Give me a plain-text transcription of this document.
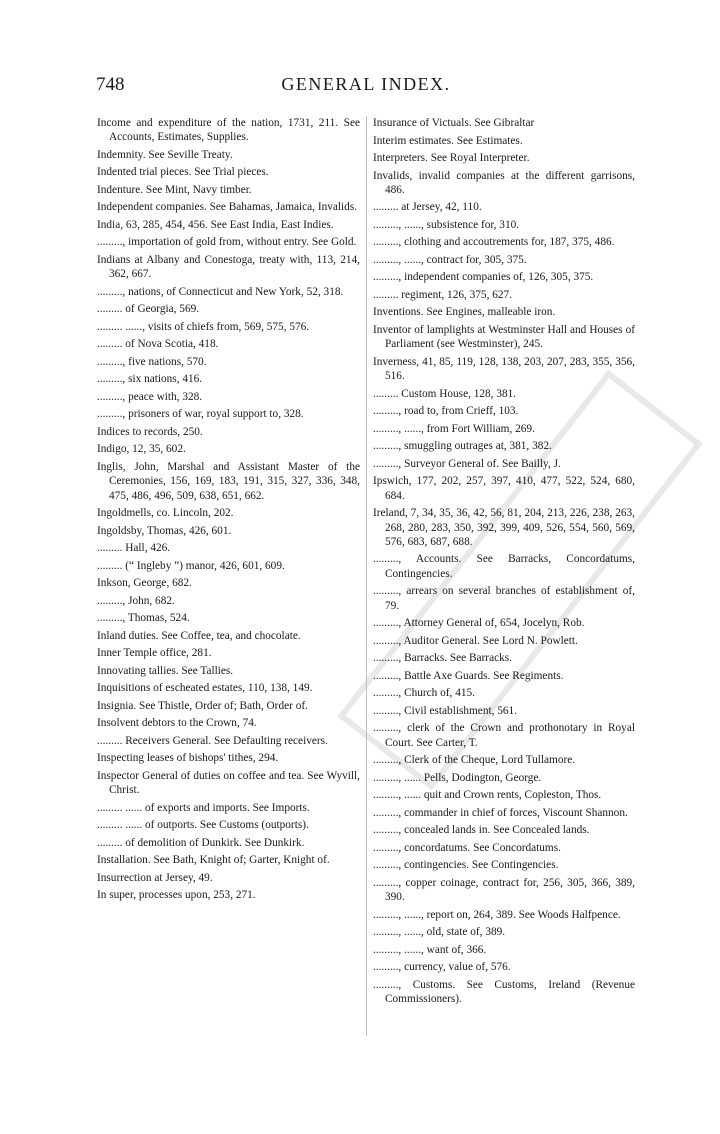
748	GENERAL INDEX.

Income and expenditure of the nation, 1731, 211. See Accounts, Estimates, Supplies.

Indemnity. See Seville Treaty.

Indented trial pieces. See Trial pieces.

Indenture. See Mint, Navy timber.

Independent companies. See Bahamas, Jamaica, Invalids.

India, 63, 285, 454, 456. See East India, East Indies.

........., importation of gold from, without entry. See Gold.

Indians at Albany and Conestoga, treaty with, 113, 214, 362, 667.

........., nations, of Connecticut and New York, 52, 318.

......... of Georgia, 569.

......... ......, visits of chiefs from, 569, 575, 576.

......... of Nova Scotia, 418.

........., five nations, 570.

........., six nations, 416.

........., peace with, 328.

........., prisoners of war, royal support to, 328.

Indices to records, 250.

Indigo, 12, 35, 602.

Inglis, John, Marshal and Assistant Master of the Ceremonies, 156, 169, 183, 191, 315, 327, 336, 348, 475, 486, 496, 509, 638, 651, 662.

Ingoldmells, co. Lincoln, 202.

Ingoldsby, Thomas, 426, 601.

......... Hall, 426.

......... (“ Ingleby ”) manor, 426, 601, 609.

Inkson, George, 682.

........., John, 682.

........., Thomas, 524.

Inland duties. See Coffee, tea, and chocolate.

Inner Temple office, 281.

Innovating tallies. See Tallies.

Inquisitions of escheated estates, 110, 138, 149.

Insignia. See Thistle, Order of; Bath, Order of.

Insolvent debtors to the Crown, 74.

......... Receivers General. See Defaulting receivers.

Inspecting leases of bishops' tithes, 294.

Inspector General of duties on coffee and tea. See Wyvill, Christ.

......... ...... of exports and imports. See Imports.

......... ...... of outports. See Customs (outports).

......... of demolition of Dunkirk. See Dunkirk.

Installation. See Bath, Knight of; Garter, Knight of.

Insurrection at Jersey, 49.

In super, processes upon, 253, 271.

Insurance of Victuals. See Gibraltar

Interim estimates. See Estimates.

Interpreters. See Royal Interpreter.

Invalids, invalid companies at the different garrisons, 486.

......... at Jersey, 42, 110.

........., ......, subsistence for, 310.

........., clothing and accoutrements for, 187, 375, 486.

........., ......, contract for, 305, 375.

........., independent companies of, 126, 305, 375.

......... regiment, 126, 375, 627.

Inventions. See Engines, malleable iron.

Inventor of lamplights at Westminster Hall and Houses of Parliament (see Westminster), 245.

Inverness, 41, 85, 119, 128, 138, 203, 207, 283, 355, 356, 516.

......... Custom House, 128, 381.

........., road to, from Crieff, 103.

........., ......, from Fort William, 269.

........., smuggling outrages at, 381, 382.

........., Surveyor General of. See Bailly, J.

Ipswich, 177, 202, 257, 397, 410, 477, 522, 524, 680, 684.

Ireland, 7, 34, 35, 36, 42, 56, 81, 204, 213, 226, 238, 263, 268, 280, 283, 350, 392, 399, 409, 526, 554, 560, 569, 576, 683, 687, 688.

........., Accounts. See Barracks, Concordatums, Contingencies.

........., arrears on several branches of establishment of, 79.

........., Attorney General of, 654, Jocelyn, Rob.

........., Auditor General. See Lord N. Powlett.

........., Barracks. See Barracks.

........., Battle Axe Guards. See Regiments.

........., Church of, 415.

........., Civil establishment, 561.

........., clerk of the Crown and prothonotary in Royal Court. See Carter, T.

........., Clerk of the Cheque, Lord Tullamore.

........., ...... Pells, Dodington, George.

........., ...... quit and Crown rents, Copleston, Thos.

........., commander in chief of forces, Viscount Shannon.

........., concealed lands in. See Concealed lands.

........., concordatums. See Concordatums.

........., contingencies. See Contingencies.

........., copper coinage, contract for, 256, 305, 366, 389, 390.

........., ......, report on, 264, 389. See Woods Halfpence.

........., ......, old, state of, 389.

........., ......, want of, 366.

........., currency, value of, 576.

........., Customs. See Customs, Ireland (Revenue Commissioners).
